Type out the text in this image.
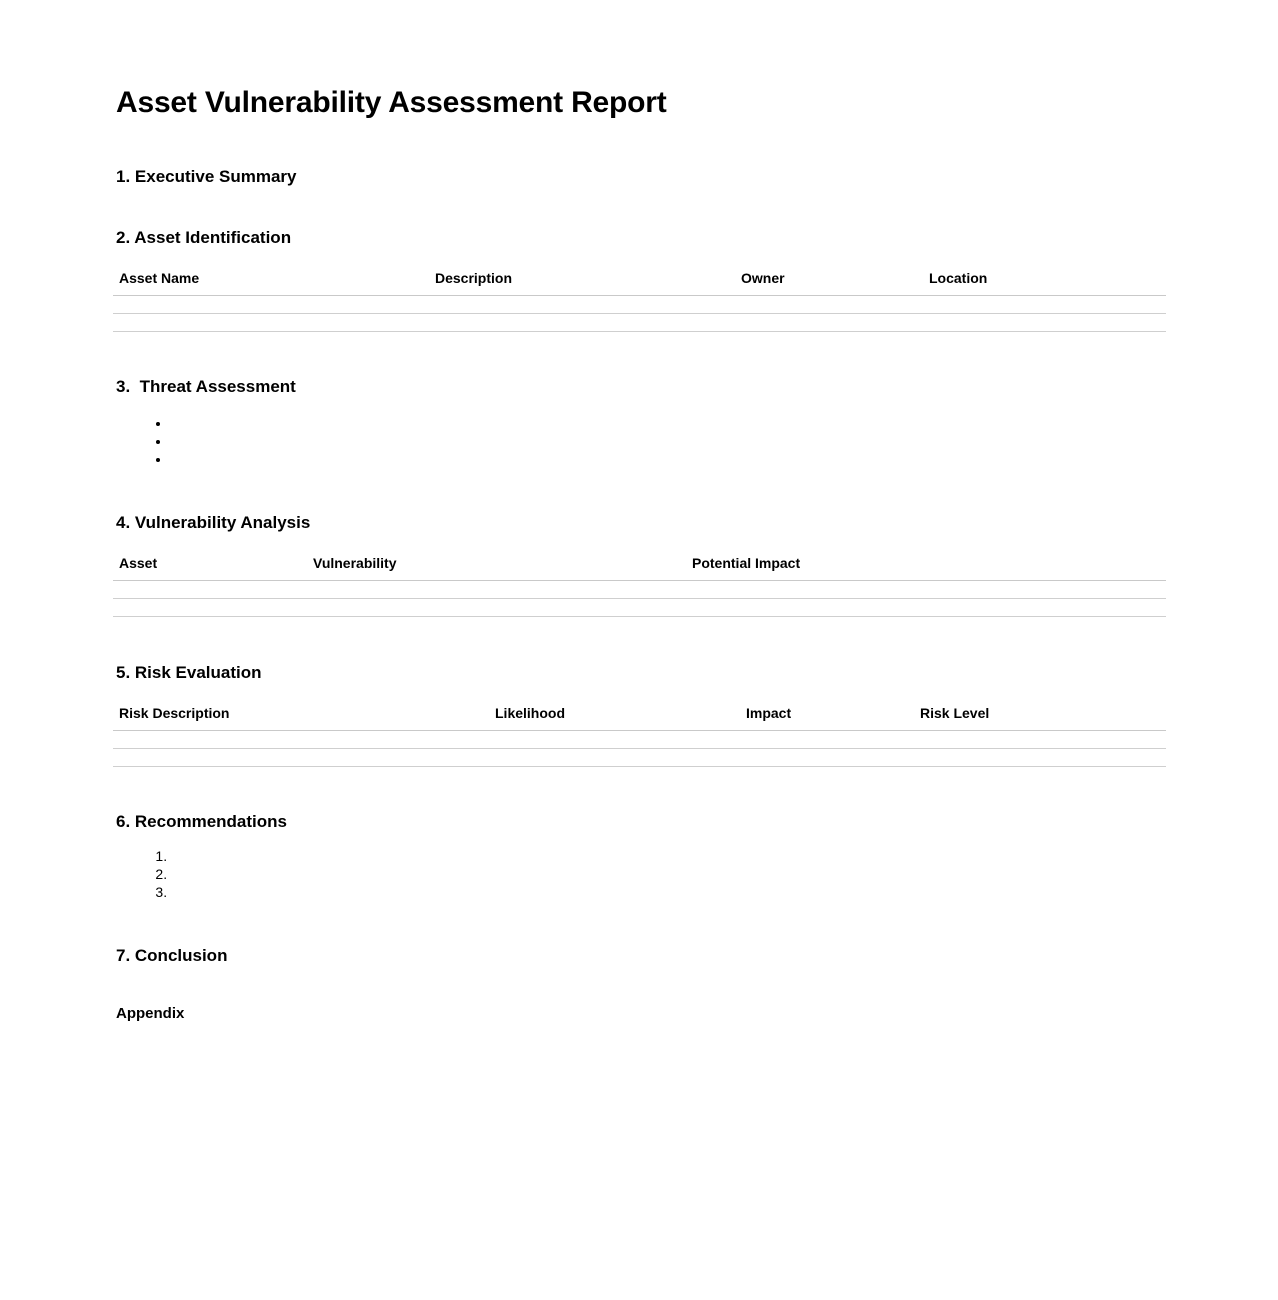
Asset Vulnerability Assessment Report
1. Executive Summary
2. Asset Identification
Asset Name	Description	Owner	Location

3.  Threat Assessment
•
•
•
4. Vulnerability Analysis
Asset	Vulnerability	Potential Impact

5. Risk Evaluation
Risk Description	Likelihood	Impact	Risk Level

6. Recommendations
1.
2.
3.
7. Conclusion
Appendix
